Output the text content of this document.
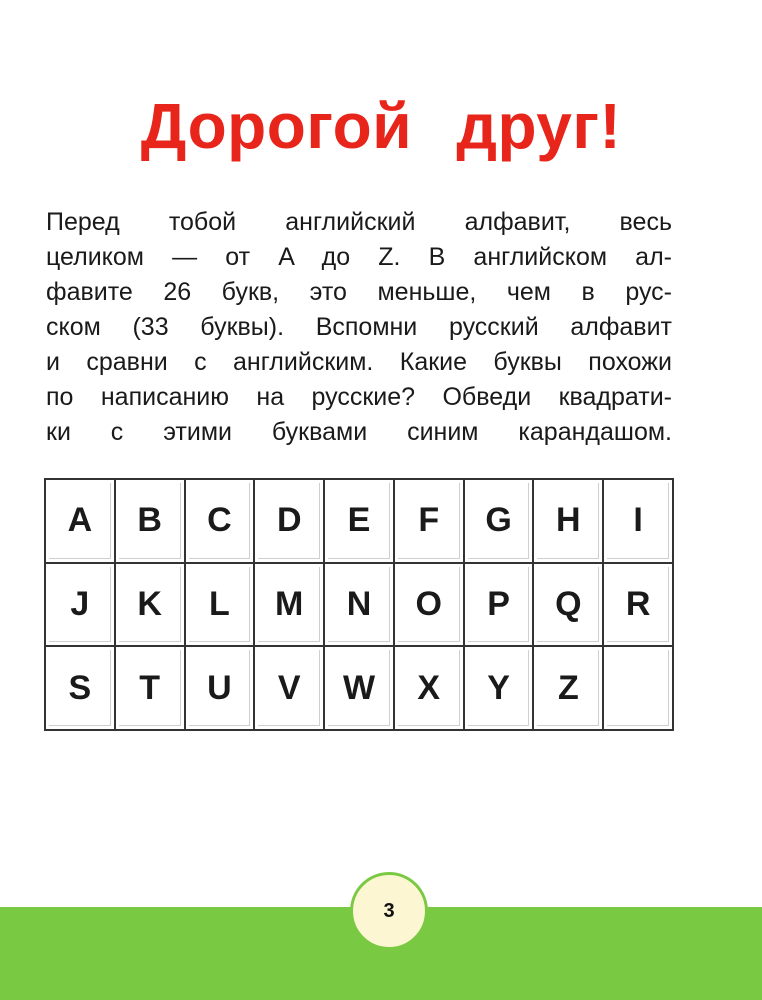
Дорогой друг!
Перед тобой английский алфавит, весь
целиком — от A до Z. В английском ал-
фавите 26 букв, это меньше, чем в рус-
ском (33 буквы). Вспомни русский алфавит
и сравни с английским. Какие буквы похожи
по написанию на русские? Обведи квадрати-
ки с этими буквами синим карандашом.
A	B	C	D	E	F	G	H	I
J	K	L	M	N	O	P	Q	R
S	T	U	V	W	X	Y	Z
3
